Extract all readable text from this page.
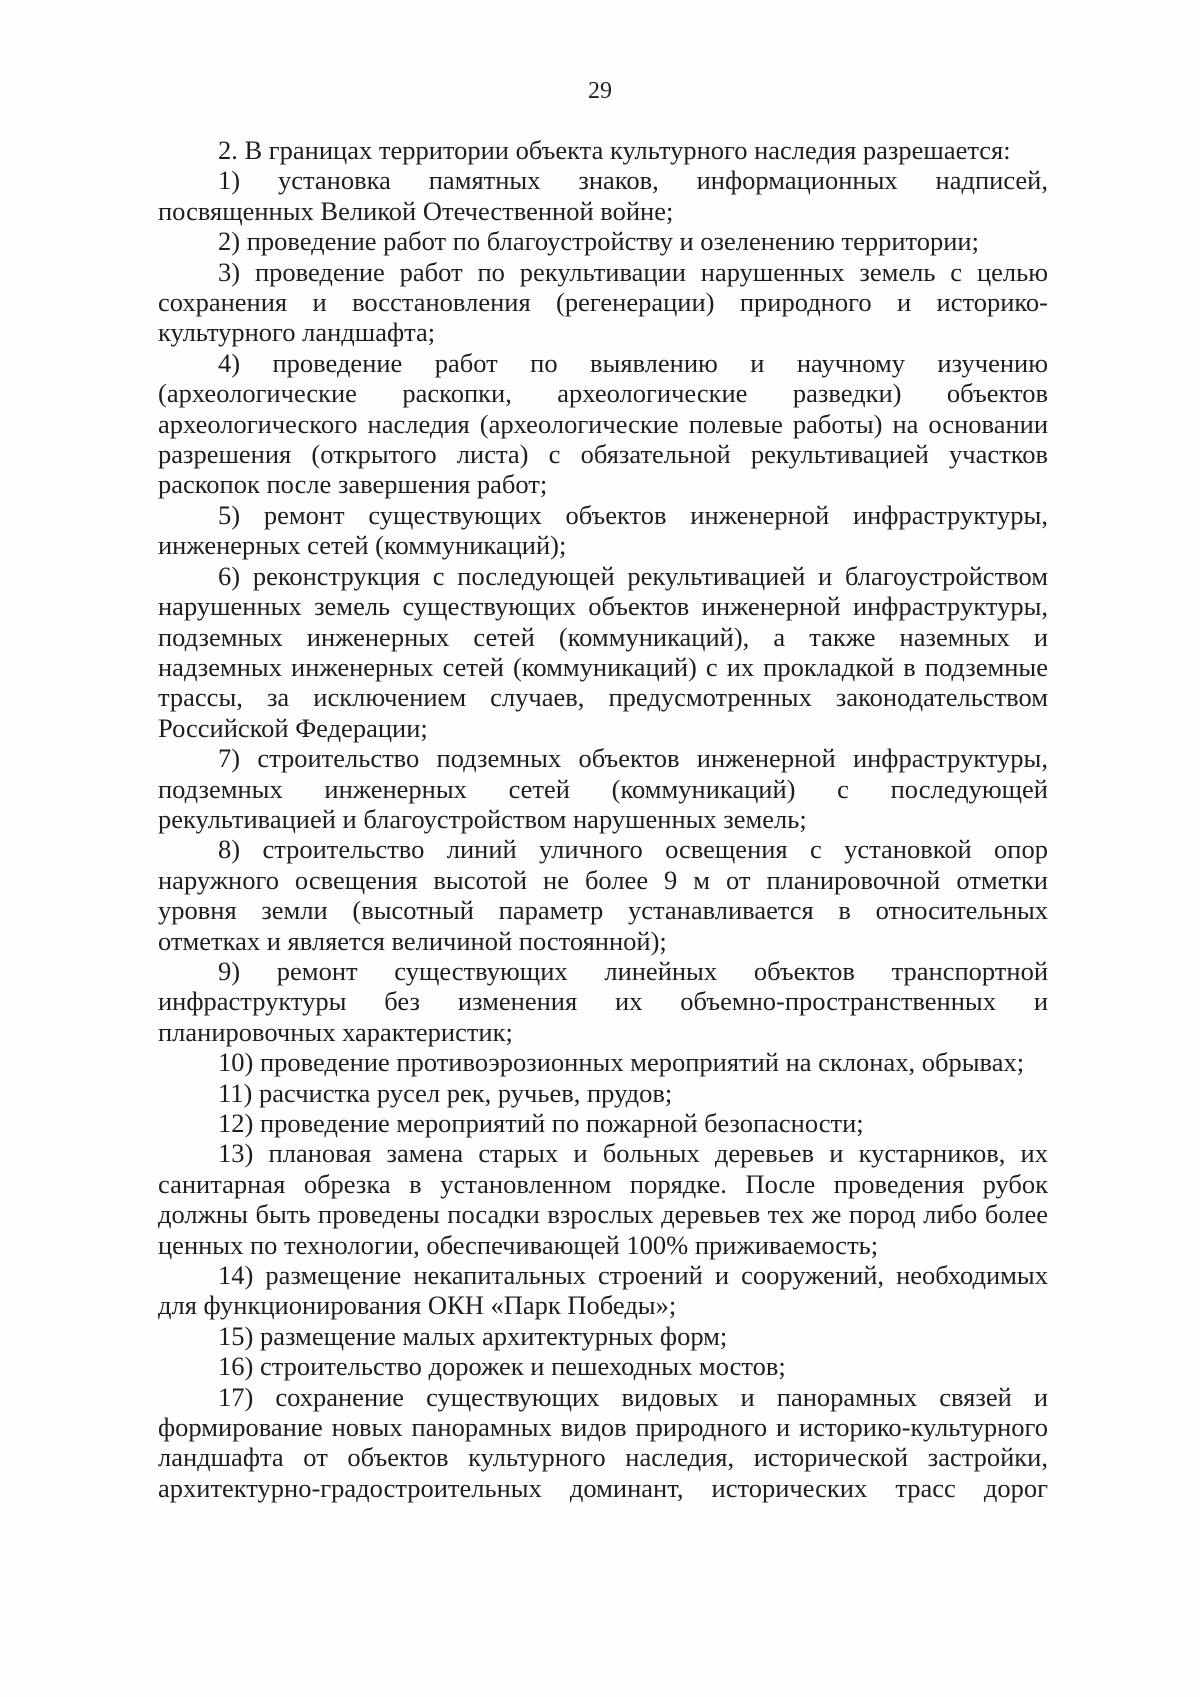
29

2. В границах территории объекта культурного наследия разрешается:

1) установка памятных знаков, информационных надписей, посвященных Великой Отечественной войне;

2) проведение работ по благоустройству и озеленению территории;

3) проведение работ по рекультивации нарушенных земель с целью сохранения и восстановления (регенерации) природного и историко-культурного ландшафта;

4) проведение работ по выявлению и научному изучению (археологические раскопки, археологические разведки) объектов археологического наследия (археологические полевые работы) на основании разрешения (открытого листа) с обязательной рекультивацией участков раскопок после завершения работ;

5) ремонт существующих объектов инженерной инфраструктуры, инженерных сетей (коммуникаций);

6) реконструкция с последующей рекультивацией и благоустройством нарушенных земель существующих объектов инженерной инфраструктуры, подземных инженерных сетей (коммуникаций), а также наземных и надземных инженерных сетей (коммуникаций) с их прокладкой в подземные трассы, за исключением случаев, предусмотренных законодательством Российской Федерации;

7) строительство подземных объектов инженерной инфраструктуры, подземных инженерных сетей (коммуникаций) с последующей рекультивацией и благоустройством нарушенных земель;

8) строительство линий уличного освещения с установкой опор наружного освещения высотой не более 9 м от планировочной отметки уровня земли (высотный параметр устанавливается в относительных отметках и является величиной постоянной);

9) ремонт существующих линейных объектов транспортной инфраструктуры без изменения их объемно-пространственных и планировочных характеристик;

10) проведение противоэрозионных мероприятий на склонах, обрывах;

11) расчистка русел рек, ручьев, прудов;

12) проведение мероприятий по пожарной безопасности;

13) плановая замена старых и больных деревьев и кустарников, их санитарная обрезка в установленном порядке. После проведения рубок должны быть проведены посадки взрослых деревьев тех же пород либо более ценных по технологии, обеспечивающей 100% приживаемость;

14) размещение некапитальных строений и сооружений, необходимых для функционирования ОКН «Парк Победы»;

15) размещение малых архитектурных форм;

16) строительство дорожек и пешеходных мостов;

17) сохранение существующих видовых и панорамных связей и формирование новых панорамных видов природного и историко-культурного ландшафта от объектов культурного наследия, исторической застройки, архитектурно-градостроительных доминант, исторических трасс дорог
